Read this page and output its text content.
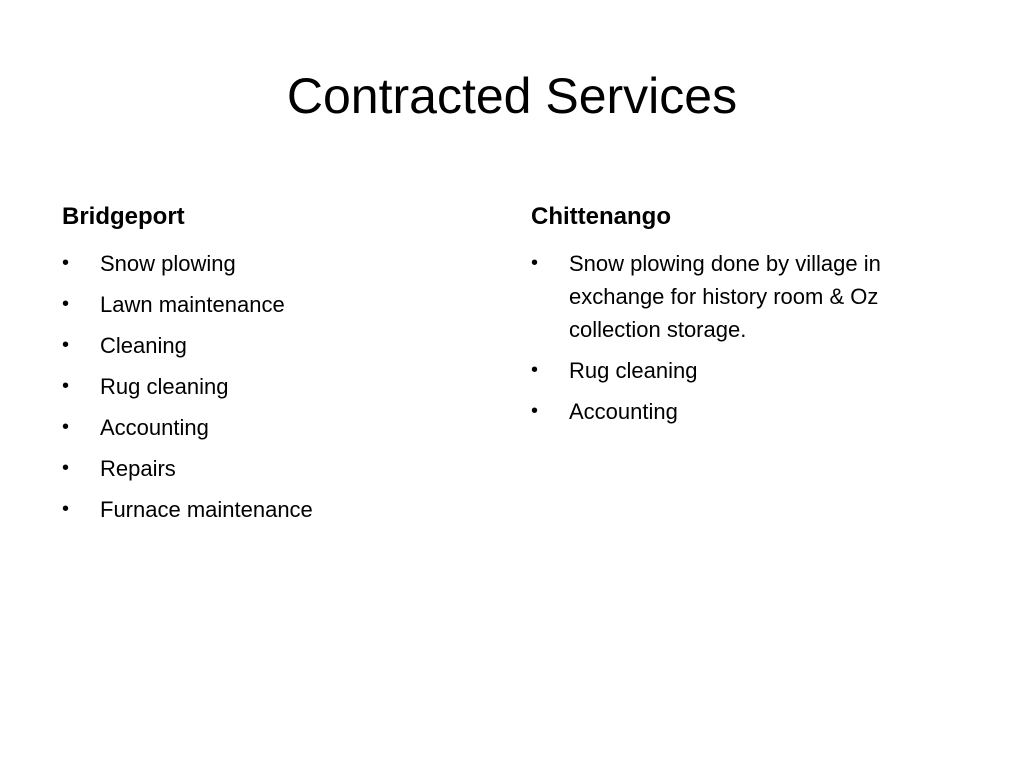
Contracted Services
Bridgeport
•	Snow plowing
•	Lawn maintenance
•	Cleaning
•	Rug cleaning
•	Accounting
•	Repairs
•	Furnace maintenance
Chittenango
•	Snow plowing done by village in exchange for history room & Oz collection storage.
•	Rug cleaning
•	Accounting
